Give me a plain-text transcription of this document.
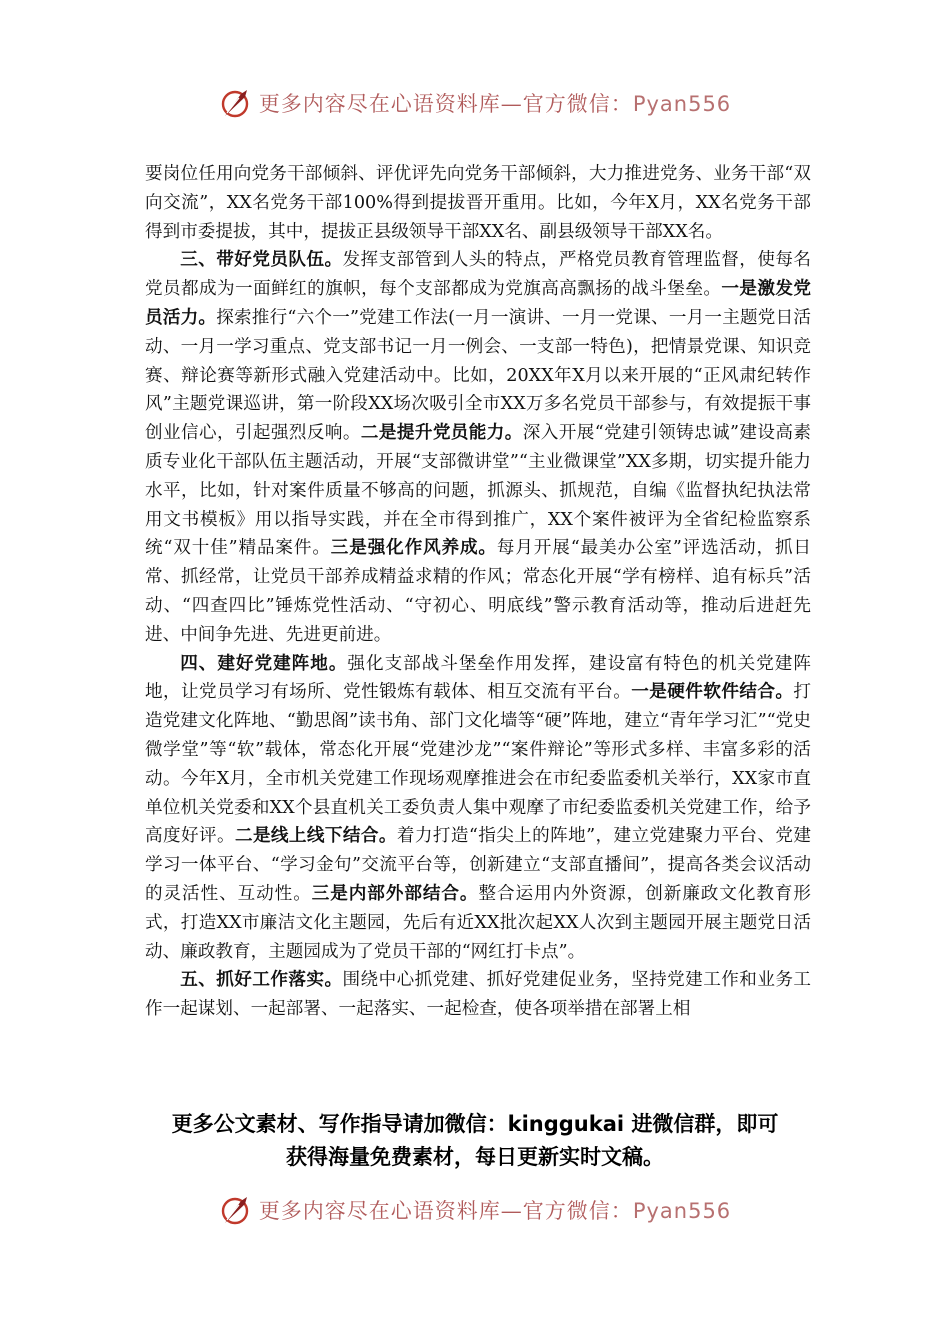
更多内容尽在心语资料库—官方微信：Pyan556

要岗位任用向党务干部倾斜、评优评先向党务干部倾斜，大力推进党务、业务干部“双向交流”，XX名党务干部100%得到提拔晋开重用。比如，今年X月，XX名党务干部得到市委提拔，其中，提拔正县级领导干部XX名、副县级领导干部XX名。

三、带好党员队伍。发挥支部管到人头的特点，严格党员教育管理监督，使每名党员都成为一面鲜红的旗帜，每个支部都成为党旗高高飘扬的战斗堡垒。一是激发党员活力。探索推行“六个一”党建工作法(一月一演讲、一月一党课、一月一主题党日活动、一月一学习重点、党支部书记一月一例会、一支部一特色)，把情景党课、知识竞赛、辩论赛等新形式融入党建活动中。比如，20XX年X月以来开展的“正风肃纪转作风”主题党课巡讲，第一阶段XX场次吸引全市XX万多名党员干部参与，有效提振干事创业信心，引起强烈反响。二是提升党员能力。深入开展“党建引领铸忠诚”建设高素质专业化干部队伍主题活动，开展“支部微讲堂”“主业微课堂”XX多期，切实提升能力水平，比如，针对案件质量不够高的问题，抓源头、抓规范，自编《监督执纪执法常用文书模板》用以指导实践，并在全市得到推广，XX个案件被评为全省纪检监察系统“双十佳”精品案件。三是强化作风养成。每月开展“最美办公室”评选活动，抓日常、抓经常，让党员干部养成精益求精的作风；常态化开展“学有榜样、追有标兵”活动、“四查四比”锤炼党性活动、“守初心、明底线”警示教育活动等，推动后进赶先进、中间争先进、先进更前进。

四、建好党建阵地。强化支部战斗堡垒作用发挥，建设富有特色的机关党建阵地，让党员学习有场所、党性锻炼有载体、相互交流有平台。一是硬件软件结合。打造党建文化阵地、“勤思阁”读书角、部门文化墙等“硬”阵地，建立“青年学习汇”“党史微学堂”等“软”载体，常态化开展“党建沙龙”“案件辩论”等形式多样、丰富多彩的活动。今年X月，全市机关党建工作现场观摩推进会在市纪委监委机关举行，XX家市直单位机关党委和XX个县直机关工委负责人集中观摩了市纪委监委机关党建工作，给予高度好评。二是线上线下结合。着力打造“指尖上的阵地”，建立党建聚力平台、党建学习一体平台、“学习金句”交流平台等，创新建立“支部直播间”，提高各类会议活动的灵活性、互动性。三是内部外部结合。整合运用内外资源，创新廉政文化教育形式，打造XX市廉洁文化主题园，先后有近XX批次起XX人次到主题园开展主题党日活动、廉政教育，主题园成为了党员干部的“网红打卡点”。

五、抓好工作落实。围绕中心抓党建、抓好党建促业务，坚持党建工作和业务工作一起谋划、一起部署、一起落实、一起检查，使各项举措在部署上相

更多公文素材、写作指导请加微信：kinggukai 进微信群，即可
获得海量免费素材，每日更新实时文稿。
更多内容尽在心语资料库—官方微信：Pyan556
